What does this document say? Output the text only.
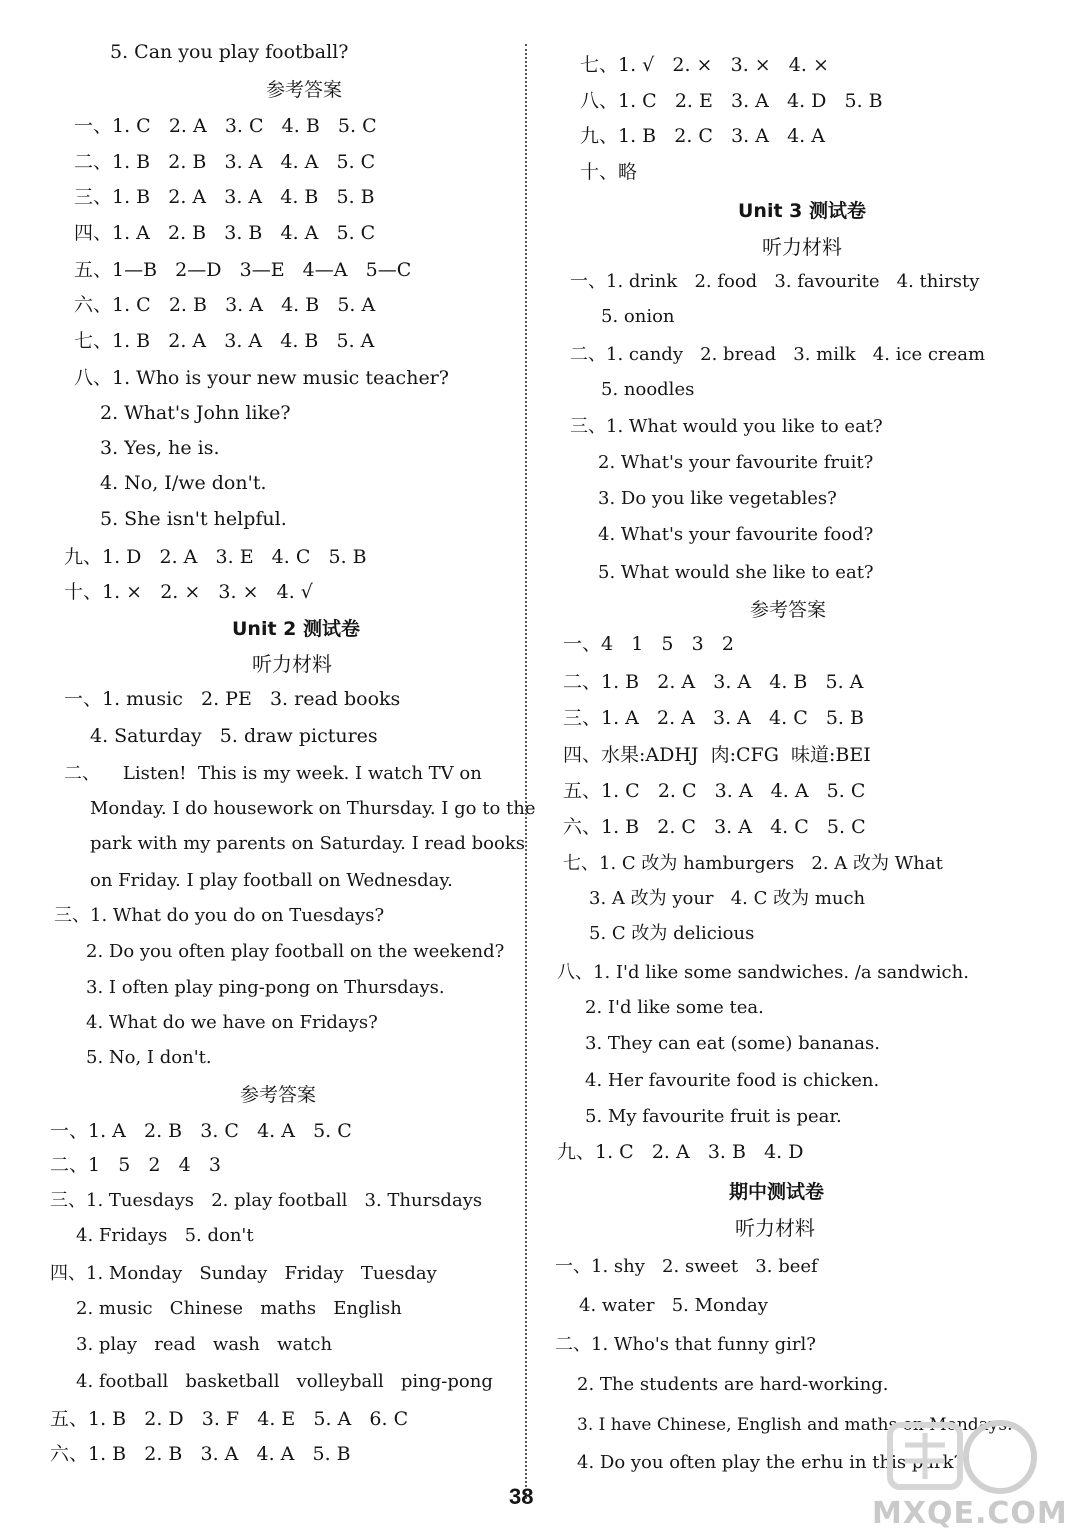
5. Can you play football?
参考答案
一、1. C   2. A   3. C   4. B   5. C
二、1. B   2. B   3. A   4. A   5. C
三、1. B   2. A   3. A   4. B   5. B
四、1. A   2. B   3. B   4. A   5. C
五、1—B   2—D   3—E   4—A   5—C
六、1. C   2. B   3. A   4. B   5. A
七、1. B   2. A   3. A   4. B   5. A
八、1. Who is your new music teacher?
2. What's John like?
3. Yes, he is.
4. No, I/we don't.
5. She isn't helpful.
九、1. D   2. A   3. E   4. C   5. B
十、1. ×   2. ×   3. ×   4. √
Unit 2 测试卷
听力材料
一、1. music   2. PE   3. read books
4. Saturday   5. draw pictures
二、    Listen!  This is my week. I watch TV on
Monday. I do housework on Thursday. I go to the
park with my parents on Saturday. I read books
on Friday. I play football on Wednesday.
三、1. What do you do on Tuesdays?
2. Do you often play football on the weekend?
3. I often play ping-pong on Thursdays.
4. What do we have on Fridays?
5. No, I don't.
参考答案
一、1. A   2. B   3. C   4. A   5. C
二、1   5   2   4   3
三、1. Tuesdays   2. play football   3. Thursdays
4. Fridays   5. don't
四、1. Monday   Sunday   Friday   Tuesday
2. music   Chinese   maths   English
3. play   read   wash   watch
4. football   basketball   volleyball   ping-pong
五、1. B   2. D   3. F   4. E   5. A   6. C
六、1. B   2. B   3. A   4. A   5. B
七、1. √   2. ×   3. ×   4. ×
八、1. C   2. E   3. A   4. D   5. B
九、1. B   2. C   3. A   4. A
十、略
Unit 3 测试卷
听力材料
一、1. drink   2. food   3. favourite   4. thirsty
5. onion
二、1. candy   2. bread   3. milk   4. ice cream
5. noodles
三、1. What would you like to eat?
2. What's your favourite fruit?
3. Do you like vegetables?
4. What's your favourite food?
5. What would she like to eat?
参考答案
一、4   1   5   3   2
二、1. B   2. A   3. A   4. B   5. A
三、1. A   2. A   3. A   4. C   5. B
四、水果:ADHJ  肉:CFG  味道:BEI
五、1. C   2. C   3. A   4. A   5. C
六、1. B   2. C   3. A   4. C   5. C
七、1. C 改为 hamburgers   2. A 改为 What
3. A 改为 your   4. C 改为 much
5. C 改为 delicious
八、1. I'd like some sandwiches. /a sandwich.
2. I'd like some tea.
3. They can eat (some) bananas.
4. Her favourite food is chicken.
5. My favourite fruit is pear.
九、1. C   2. A   3. B   4. D
期中测试卷
听力材料
一、1. shy   2. sweet   3. beef
4. water   5. Monday
二、1. Who's that funny girl?
2. The students are hard-working.
3. I have Chinese, English and maths on Mondays.
4. Do you often play the erhu in this park?
38	MXQE.COM
